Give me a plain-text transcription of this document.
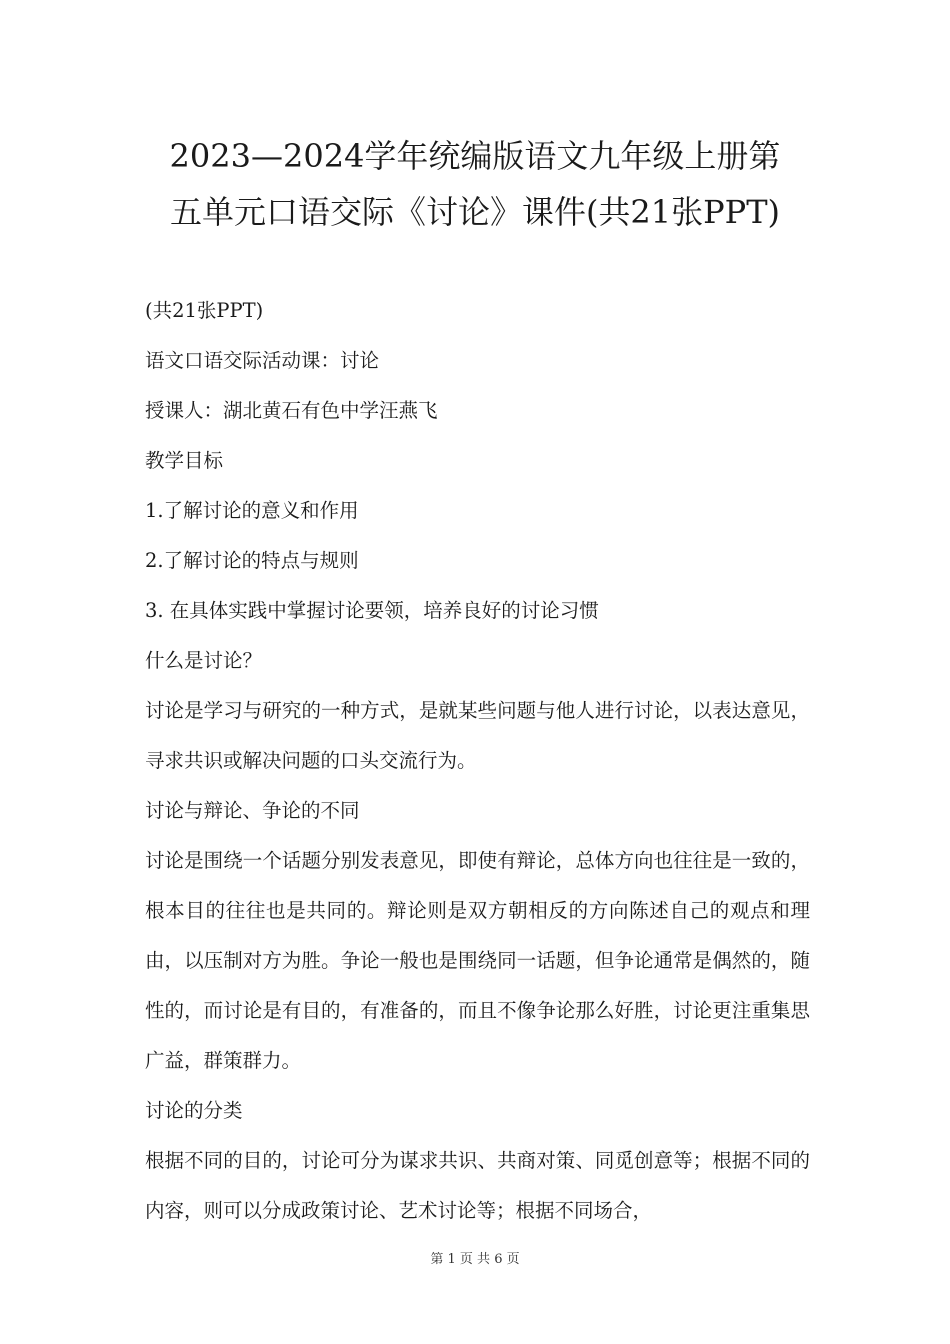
2023—2024学年统编版语文九年级上册第
五单元口语交际《讨论》课件(共21张PPT)

(共21张PPT)

语文口语交际活动课：讨论

授课人：湖北黄石有色中学汪燕飞

教学目标

1.了解讨论的意义和作用

2.了解讨论的特点与规则

3. 在具体实践中掌握讨论要领，培养良好的讨论习惯

什么是讨论？

讨论是学习与研究的一种方式，是就某些问题与他人进行讨论，以表达意见，寻求共识或解决问题的口头交流行为。

讨论与辩论、争论的不同

讨论是围绕一个话题分别发表意见，即使有辩论，总体方向也往往是一致的，根本目的往往也是共同的。辩论则是双方朝相反的方向陈述自己的观点和理由，以压制对方为胜。争论一般也是围绕同一话题，但争论通常是偶然的，随性的，而讨论是有目的，有准备的，而且不像争论那么好胜，讨论更注重集思广益，群策群力。

讨论的分类

根据不同的目的，讨论可分为谋求共识、共商对策、同觅创意等；根据不同的内容，则可以分成政策讨论、艺术讨论等；根据不同场合，

第 1 页 共 6 页
